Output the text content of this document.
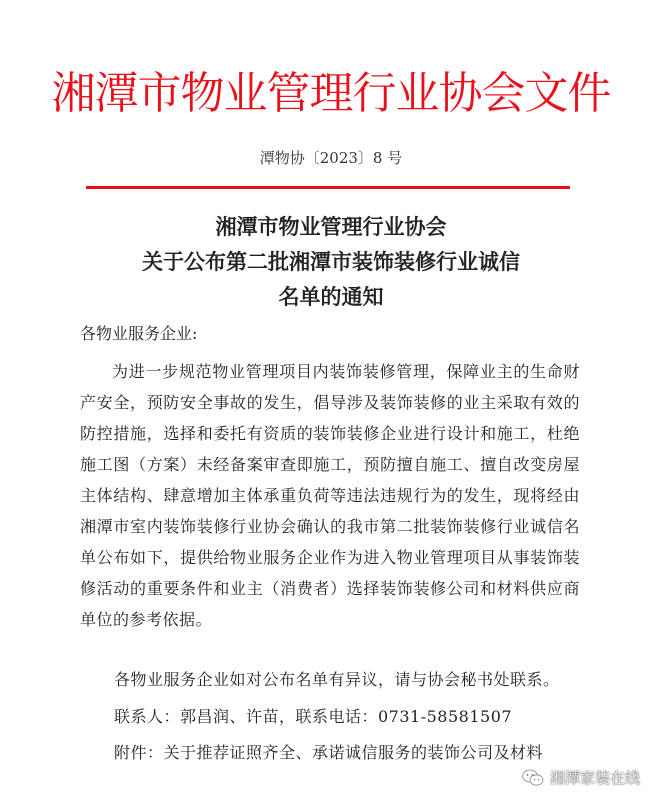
湘潭市物业管理行业协会文件
潭物协〔2023〕8 号
湘潭市物业管理行业协会
关于公布第二批湘潭市装饰装修行业诚信
名单的通知
各物业服务企业:
为进一步规范物业管理项目内装饰装修管理，保障业主的生命财产安全，预防安全事故的发生，倡导涉及装饰装修的业主采取有效的防控措施，选择和委托有资质的装饰装修企业进行设计和施工，杜绝施工图（方案）未经备案审查即施工，预防擅自施工、擅自改变房屋主体结构、肆意增加主体承重负荷等违法违规行为的发生，现将经由湘潭市室内装饰装修行业协会确认的我市第二批装饰装修行业诚信名单公布如下，提供给物业服务企业作为进入物业管理项目从事装饰装修活动的重要条件和业主（消费者）选择装饰装修公司和材料供应商单位的参考依据。
各物业服务企业如对公布名单有异议，请与协会秘书处联系。
联系人：郭昌润、许苗，联系电话：0731-58581507
附件：关于推荐证照齐全、承诺诚信服务的装饰公司及材料
湘潭家装在线
